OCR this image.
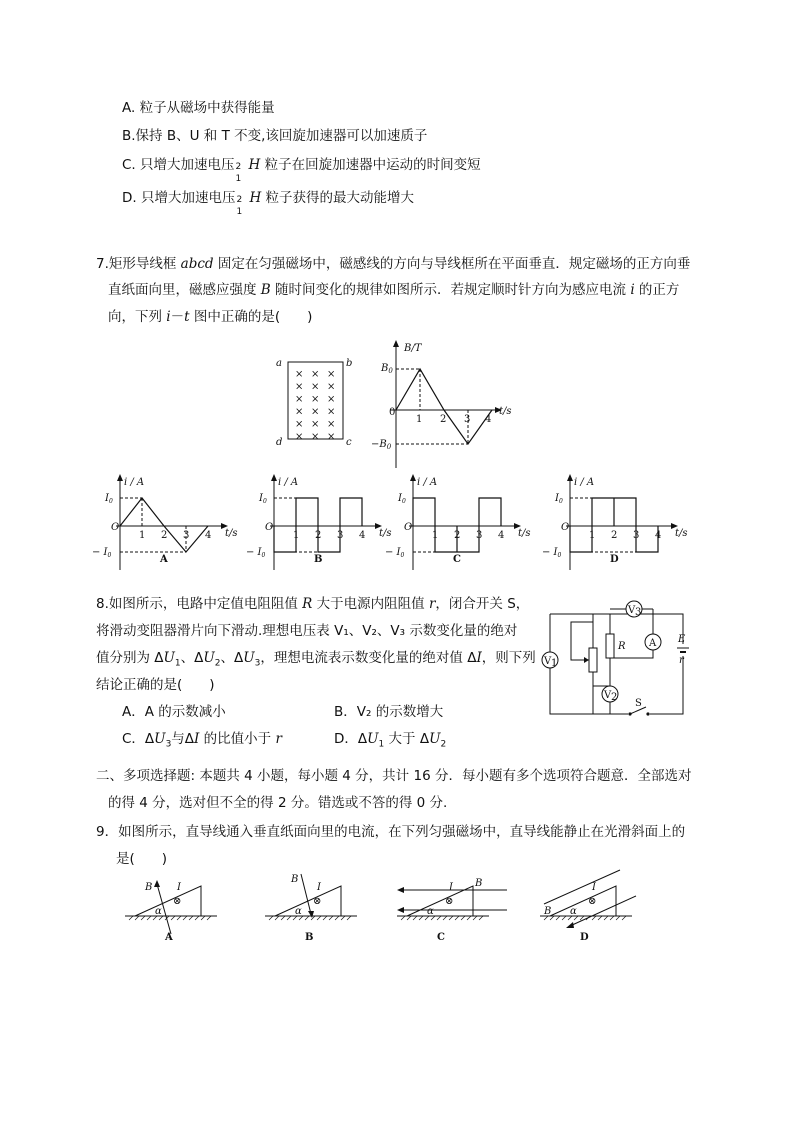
A. 粒子从磁场中获得能量
B.保持 B、U 和 T 不变,该回旋加速器可以加速质子
C. 只增大加速电压 2
1
H 粒子在回旋加速器中运动的时间变短
D. 只增大加速电压 2
1
H 粒子获得的最大动能增大
7.矩形导线框 abcd 固定在匀强磁场中，磁感线的方向与导线框所在平面垂直．规定磁场的正方向垂
直纸面向里，磁感应强度 B 随时间变化的规律如图所示．若规定顺时针方向为感应电流 i 的正方
向，下列 i－t 图中正确的是(　　)
a	b
c
d
× × ×
× × ×
× × ×
× × ×
× × ×
× × ×
B/T
t/s
$B_0$
$-B_0$
0
1 2 3 4
i / A
t/s
$I_0$
− $I_0$
O
1 2 3 4
A
i / A
t/s
$I_0$
− $I_0$
O
1 2 3 4
B
i / A
t/s
$I_0$
− $I_0$
O
1 2 3 4
C
i / A
t/s
$I_0$
− $I_0$
O
1 2 3 4
D
8.如图所示，电路中定值电阻阻值 R 大于电源内阻阻值 r，闭合开关 S，
将滑动变阻器滑片向下滑动.理想电压表 V₁、V₂、V₃ 示数变化量的绝对
值分别为 $\Delta U_1$、$\Delta U_2$、$\Delta U_3$，理想电流表示数变化量的绝对值 ΔI，则下列
结论正确的是(　　)
A．A 的示数减小	B．V₂ 的示数增大
C．$\Delta U_3$与ΔI 的比值小于 r	D．$\Delta U_1$ 大于 $\Delta U_2$
V 1
R
V 3
A
V 2
E
r
S
二、多项选择题: 本题共 4 小题，每小题 4 分，共计 16 分．每小题有多个选项符合题意．全部选对
的得 4 分，选对但不全的得 2 分。错选或不答的得 0 分.
9．如图所示，直导线通入垂直纸面向里的电流，在下列匀强磁场中，直导线能静止在光滑斜面上的
是(　　)
α
⊗
I
B
A
α
⊗
I
B
B
α
⊗
I B
C
α
⊗
I
B
D
